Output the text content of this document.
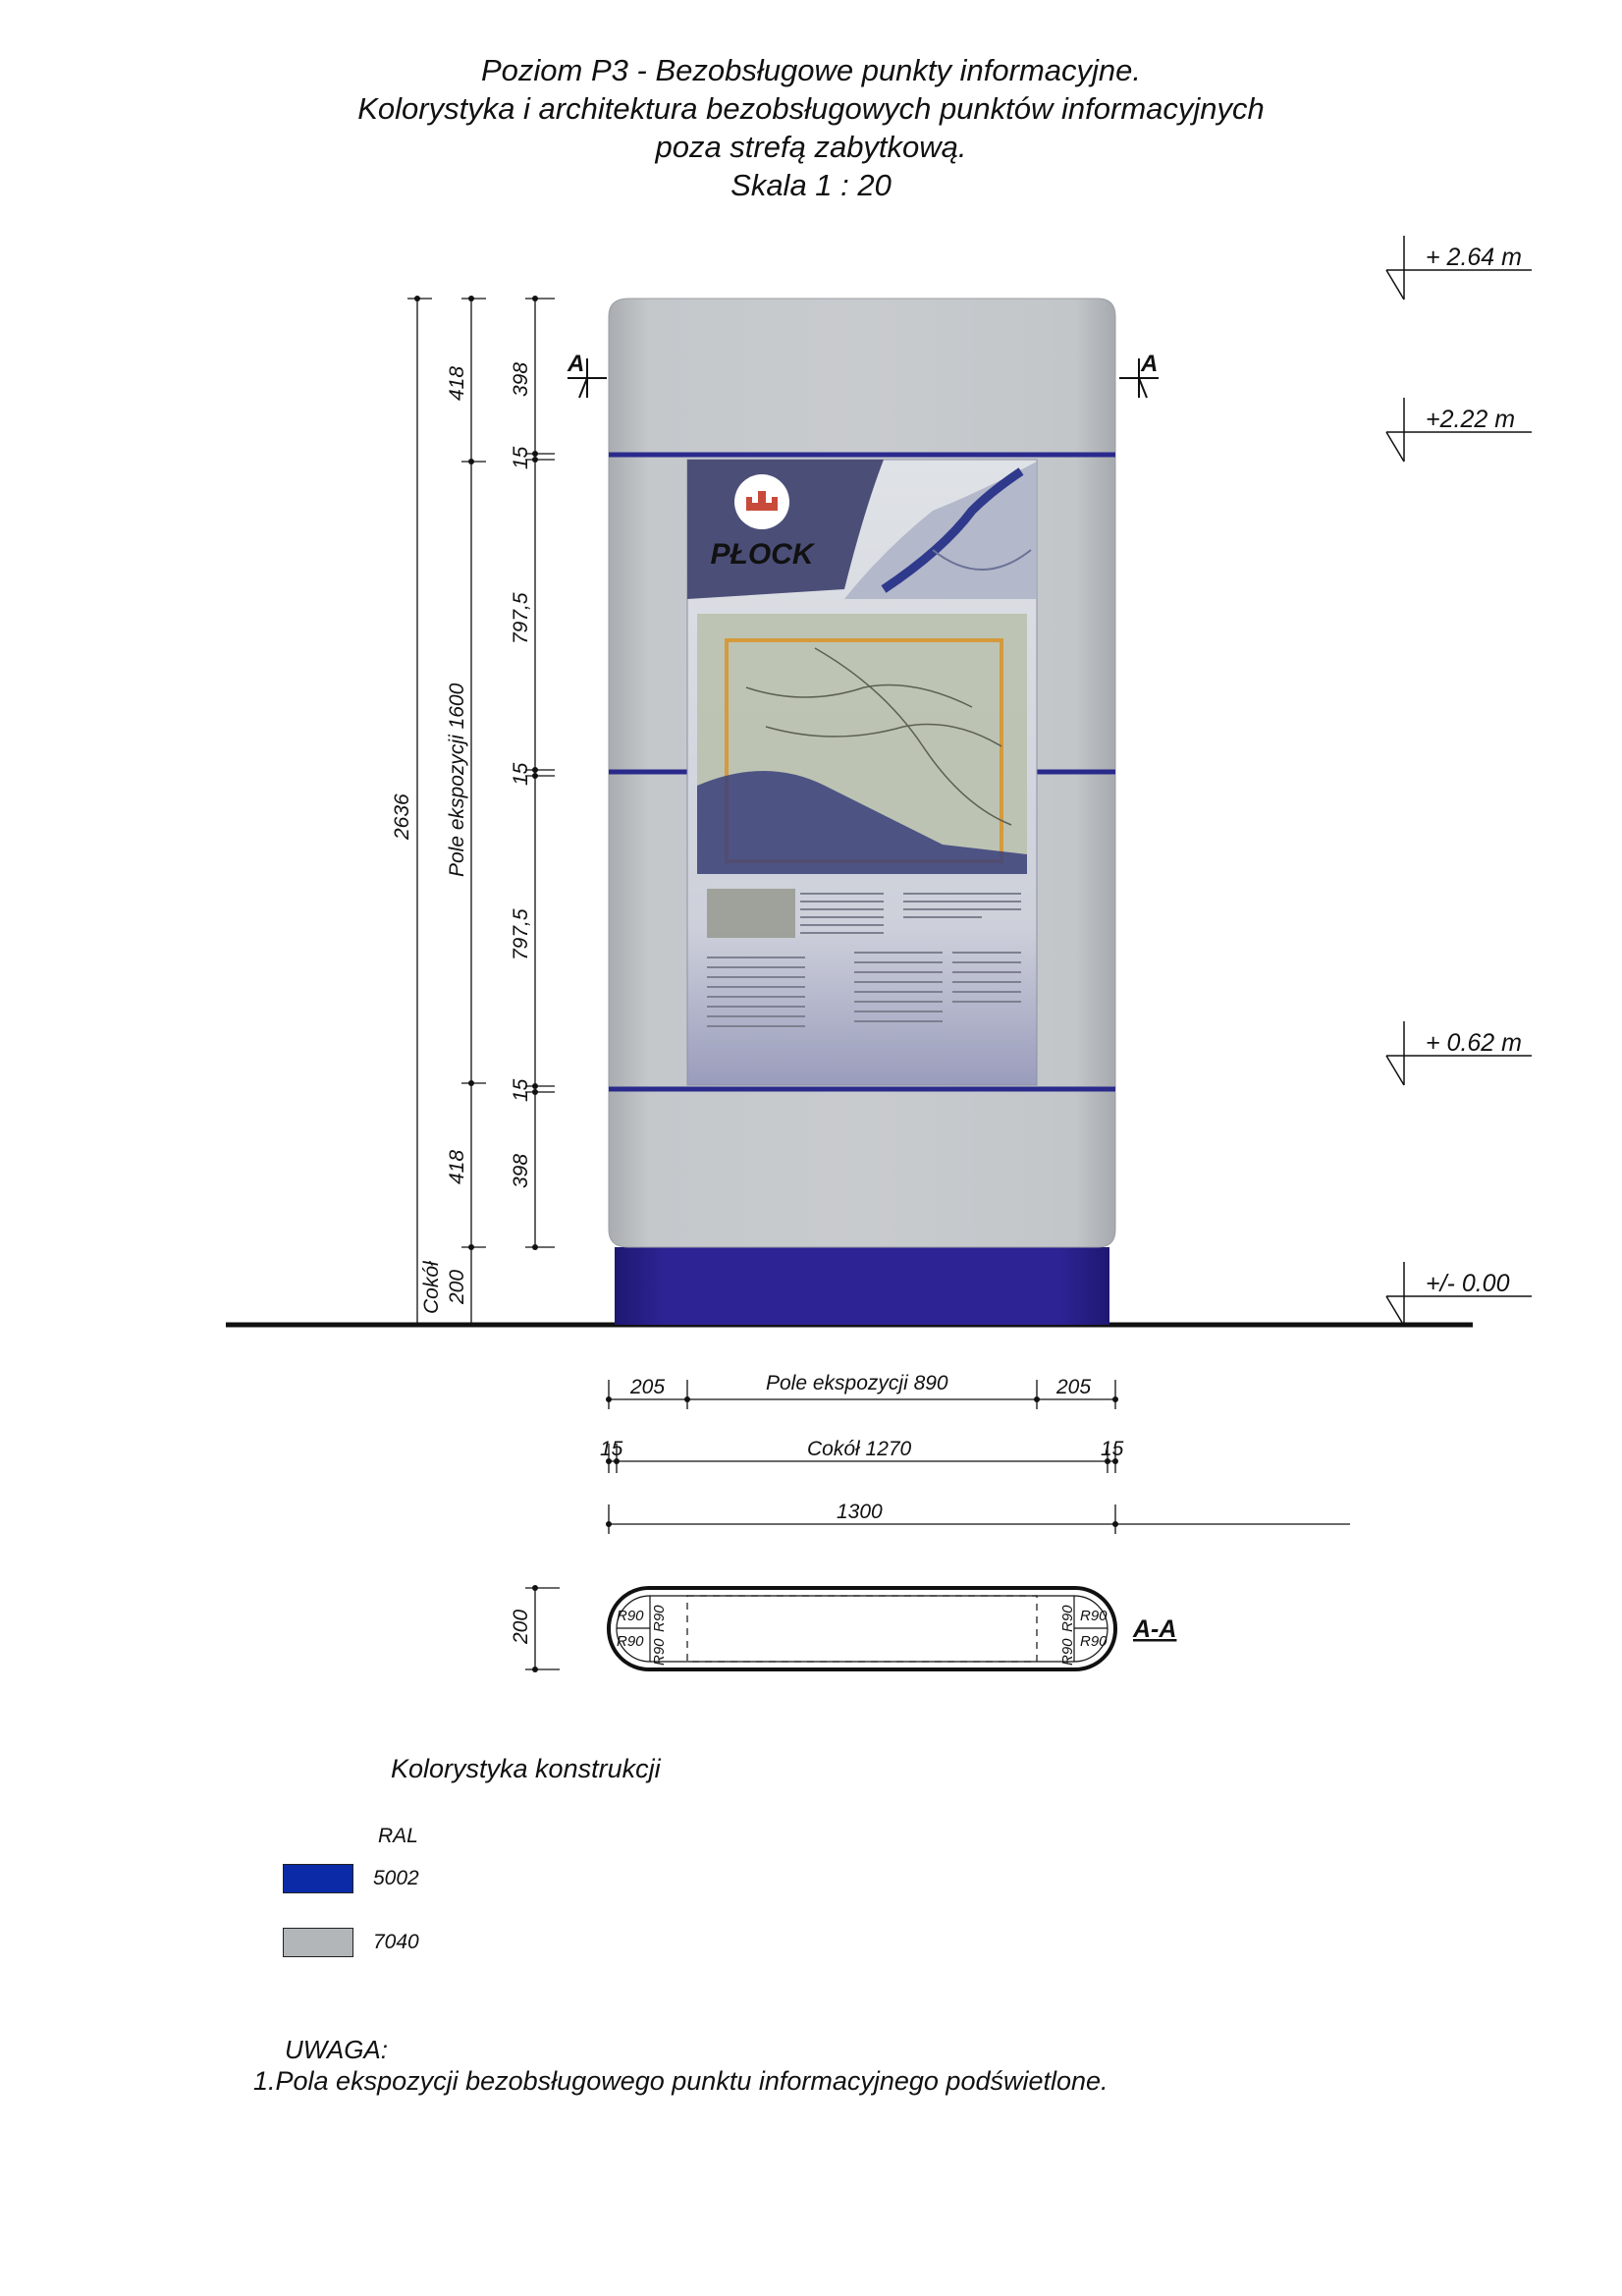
Poziom P3 - Bezobsługowe punkty informacyjne.
Kolorystyka i architektura bezobsługowych punktów informacyjnych
poza strefą zabytkową.
Skala 1 : 20
PŁOCK
A	A
+ 2.64 m
+2.22 m
+ 0.62 m
+/- 0.00
2636
418
Pole ekspozycji 1600
418
Cokół 200
398
15
797,5
15
797,5
15
398
205	Pole ekspozycji 890	205
15	Cokół 1270	15
1300
R90
R90
R90
R90
R90
R90
R90
R90 A-A
200
Kolorystyka konstrukcji
RAL
5002
7040
UWAGA:
1.Pola ekspozycji bezobsługowego punktu informacyjnego podświetlone.
